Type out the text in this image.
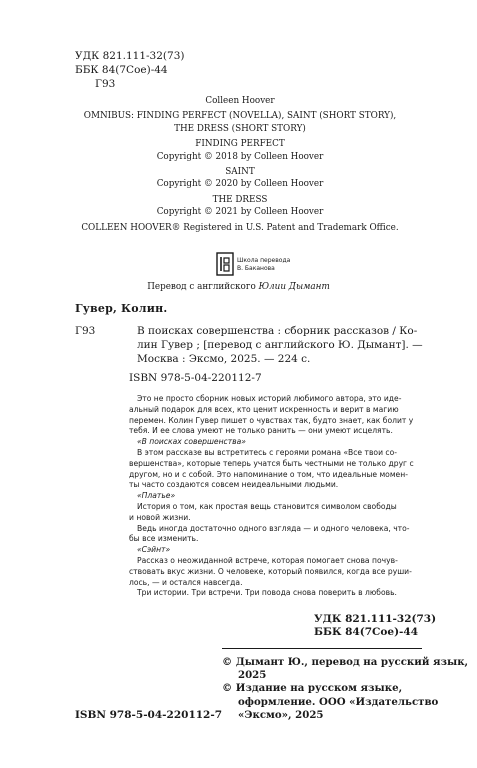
УДК 821.111-32(73)
ББК 84(7Сое)-44
Г93
Colleen Hoover
OMNIBUS: FINDING PERFECT (NOVELLA), SAINT (SHORT STORY),
THE DRESS (SHORT STORY)
FINDING PERFECT
Copyright © 2018 by Colleen Hoover
SAINT
Copyright © 2020 by Colleen Hoover
THE DRESS
Copyright © 2021 by Colleen Hoover
COLLEEN HOOVER® Registered in U.S. Patent and Trademark Office.
Школа перевода
В. Баканова
Перевод с английского Юлии Дымант
Гувер, Колин.
Г93	В поисках совершенства : сборник рассказов / Ко-
лин Гувер ; [перевод с английского Ю. Дымант]. —
Москва : Эксмо, 2025. — 224 с.
ISBN 978-5-04-220112-7
Это не просто сборник новых историй любимого автора, это иде-
альный подарок для всех, кто ценит искренность и верит в магию
перемен. Колин Гувер пишет о чувствах так, будто знает, как болит у
тебя. И ее слова умеют не только ранить — они умеют исцелять.
«В поисках совершенства»
В этом рассказе вы встретитесь с героями романа «Все твои со-
вершенства», которые теперь учатся быть честными не только друг с
другом, но и с собой. Это напоминание о том, что идеальные момен-
ты часто создаются совсем неидеальными людьми.
«Платье»
История о том, как простая вещь становится символом свободы
и новой жизни.
Ведь иногда достаточно одного взгляда — и одного человека, что-
бы все изменить.
«Сэйнт»
Рассказ о неожиданной встрече, которая помогает снова почув-
ствовать вкус жизни. О человеке, который появился, когда все руши-
лось, — и остался навсегда.
Три истории. Три встречи. Три повода снова поверить в любовь.
УДК 821.111-32(73)
ББК 84(7Сое)-44
© Дымант Ю., перевод на русский язык,
2025
© Издание на русском языке,
оформление. ООО «Издательство
«Эксмо», 2025
ISBN 978-5-04-220112-7
